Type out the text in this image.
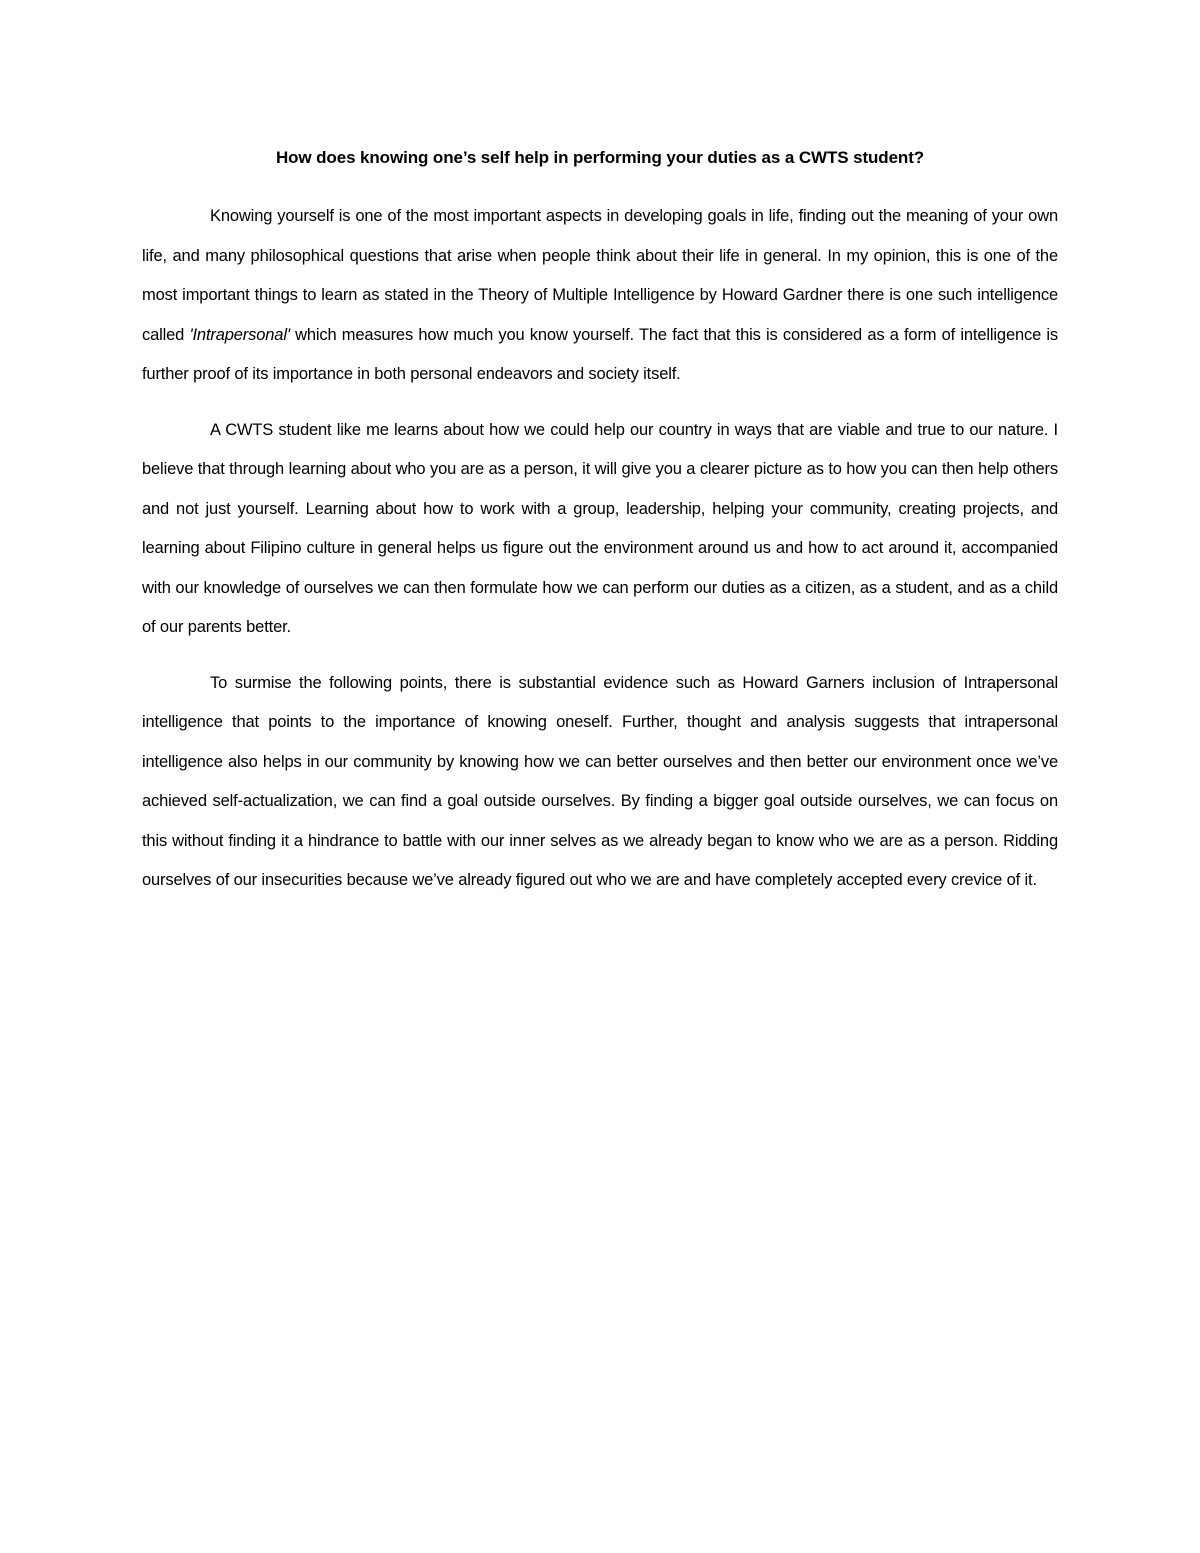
How does knowing one’s self help in performing your duties as a CWTS student?

Knowing yourself is one of the most important aspects in developing goals in life, finding out the meaning of your own life, and many philosophical questions that arise when people think about their life in general. In my opinion, this is one of the most important things to learn as stated in the Theory of Multiple Intelligence by Howard Gardner there is one such intelligence called 'Intrapersonal' which measures how much you know yourself. The fact that this is considered as a form of intelligence is further proof of its importance in both personal endeavors and society itself.

A CWTS student like me learns about how we could help our country in ways that are viable and true to our nature. I believe that through learning about who you are as a person, it will give you a clearer picture as to how you can then help others and not just yourself. Learning about how to work with a group, leadership, helping your community, creating projects, and learning about Filipino culture in general helps us figure out the environment around us and how to act around it, accompanied with our knowledge of ourselves we can then formulate how we can perform our duties as a citizen, as a student, and as a child of our parents better.

To surmise the following points, there is substantial evidence such as Howard Garners inclusion of Intrapersonal intelligence that points to the importance of knowing oneself. Further, thought and analysis suggests that intrapersonal intelligence also helps in our community by knowing how we can better ourselves and then better our environment once we’ve achieved self-actualization, we can find a goal outside ourselves. By finding a bigger goal outside ourselves, we can focus on this without finding it a hindrance to battle with our inner selves as we already began to know who we are as a person. Ridding ourselves of our insecurities because we’ve already figured out who we are and have completely accepted every crevice of it.
